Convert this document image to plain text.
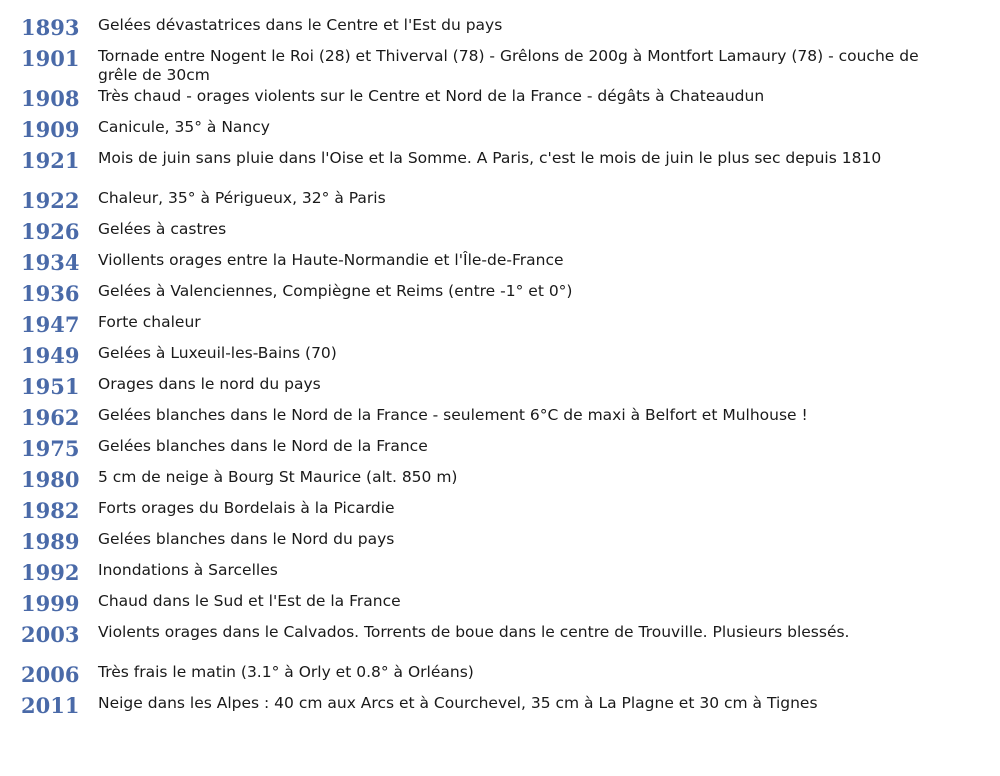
1893	Gelées dévastatrices dans le Centre et l'Est du pays
1901	Tornade entre Nogent le Roi (28) et Thiverval (78) - Grêlons de 200g à Montfort Lamaury (78) - couche de grêle de 30cm
1908	Très chaud - orages violents sur le Centre et Nord de la France - dégâts à Chateaudun
1909	Canicule, 35° à Nancy
1921	Mois de juin sans pluie dans l'Oise et la Somme. A Paris, c'est le mois de juin le plus sec depuis 1810
1922	Chaleur, 35° à Périgueux, 32° à Paris
1926	Gelées à castres
1934	Viollents orages entre la Haute-Normandie et l'Île-de-France
1936	Gelées à Valenciennes, Compiègne et Reims (entre -1° et 0°)
1947	Forte chaleur
1949	Gelées à Luxeuil-les-Bains (70)
1951	Orages dans le nord du pays
1962	Gelées blanches dans le Nord de la France - seulement 6°C de maxi à Belfort et Mulhouse !
1975	Gelées blanches dans le Nord de la France
1980	5 cm de neige à Bourg St Maurice (alt. 850 m)
1982	Forts orages du Bordelais à la Picardie
1989	Gelées blanches dans le Nord du pays
1992	Inondations à Sarcelles
1999	Chaud dans le Sud et l'Est de la France
2003	Violents orages dans le Calvados. Torrents de boue dans le centre de Trouville. Plusieurs blessés.
2006	Très frais le matin (3.1° à Orly et 0.8° à Orléans)
2011	Neige dans les Alpes : 40 cm aux Arcs et à Courchevel, 35 cm à La Plagne et 30 cm à Tignes
